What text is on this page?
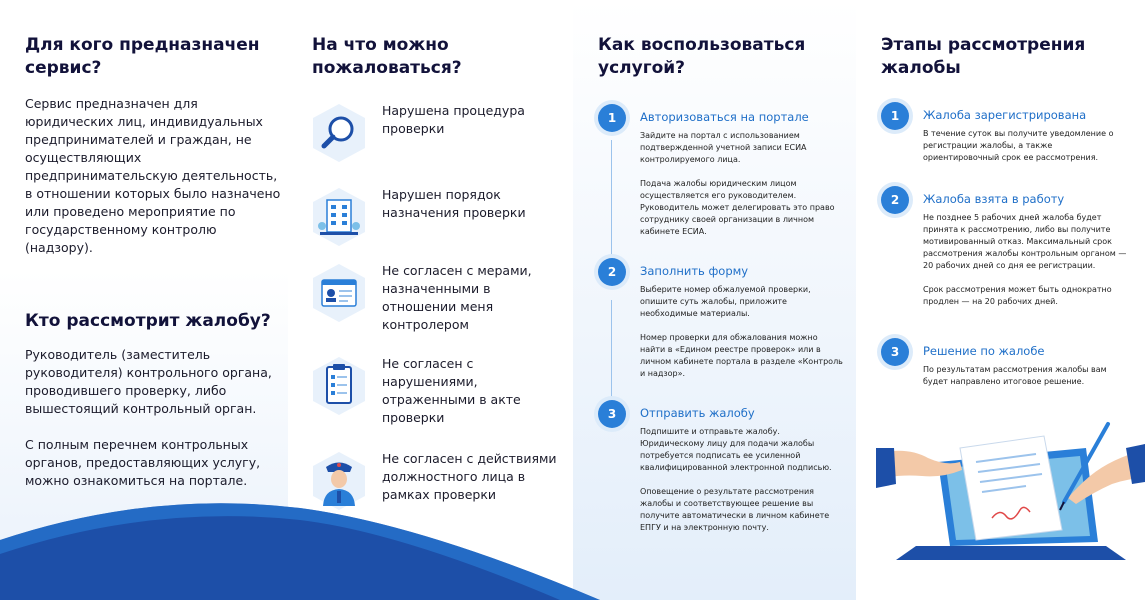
Для кого предназначен сервис?

Сервис предназначен для юридических лиц, индивидуальных предпринимателей и граждан, не осуществляющих предпринимательскую деятельность, в отношении которых было назначено или проведено мероприятие по государственному контролю (надзору).

Кто рассмотрит жалобу?

Руководитель (заместитель руководителя) контрольного органа, проводившего проверку, либо вышестоящий контрольный орган.

С полным перечнем контрольных органов, предоставляющих услугу, можно ознакомиться на портале.

На что можно пожаловаться?
Нарушена процедура проверки
Нарушен порядок назначения проверки
Не согласен с мерами, назначенными в отношении меня контролером
Не согласен с нарушениями, отраженными в акте проверки
Не согласен с действиями должностного лица в рамках проверки
Как воспользоваться услугой?
1	Авторизоваться на портале

Зайдите на портал с использованием подтвержденной учетной записи ЕСИА контролируемого лица.

Подача жалобы юридическим лицом осуществляется его руководителем. Руководитель может делегировать это право сотруднику своей организации в личном кабинете ЕСИА.

2	Заполнить форму

Выберите номер обжалуемой проверки, опишите суть жалобы, приложите необходимые материалы.

Номер проверки для обжалования можно найти в «Едином реестре проверок» или в личном кабинете портала в разделе «Контроль и надзор».

3	Отправить жалобу

Подпишите и отправьте жалобу. Юридическому лицу для подачи жалобы потребуется подписать ее усиленной квалифицированной электронной подписью.

Оповещение о результате рассмотрения жалобы и соответствующее решение вы получите автоматически в личном кабинете ЕПГУ и на электронную почту.

Этапы рассмотрения жалобы
1	Жалоба зарегистрирована

В течение суток вы получите уведомление о регистрации жалобы, а также ориентировочный срок ее рассмотрения.

2	Жалоба взята в работу

Не позднее 5 рабочих дней жалоба будет принята к рассмотрению, либо вы получите мотивированный отказ. Максимальный срок рассмотрения жалобы контрольным органом — 20 рабочих дней со дня ее регистрации.

Срок рассмотрения может быть однократно продлен — на 20 рабочих дней.

3	Решение по жалобе

По результатам рассмотрения жалобы вам будет направлено итоговое решение.
